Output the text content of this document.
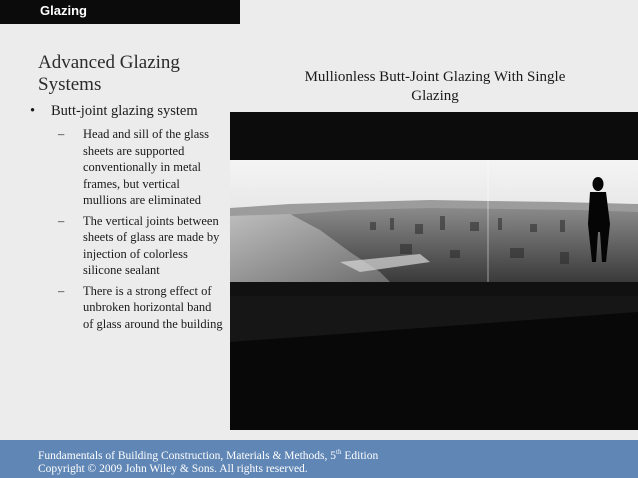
Glazing
Advanced Glazing Systems
• Butt-joint glazing system
– Head and sill of the glass sheets are supported conventionally in metal frames, but vertical mullions are eliminated
– The vertical joints between sheets of glass are made by injection of colorless silicone sealant
– There is a strong effect of unbroken horizontal band of glass around the building
Mullionless Butt-Joint Glazing With Single Glazing
Fundamentals of Building Construction, Materials & Methods, 5th Edition
Copyright © 2009 John Wiley & Sons. All rights reserved.
